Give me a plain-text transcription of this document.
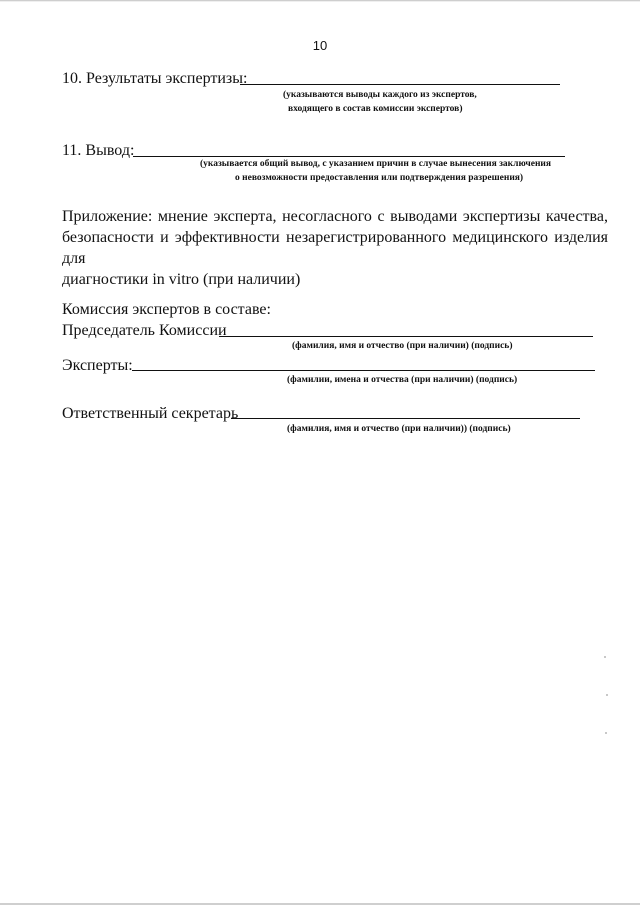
10
10. Результаты экспертизы:
(указываются выводы каждого из экспертов,
входящего в состав комиссии экспертов)
11. Вывод:
(указывается общий вывод, с указанием причин в случае вынесения заключения
о невозможности предоставления или подтверждения разрешения)
Приложение: мнение эксперта, несогласного с выводами экспертизы качества,
безопасности и эффективности незарегистрированного медицинского изделия для
диагностики in vitro (при наличии)
Комиссия экспертов в составе:
Председатель Комиссии
(фамилия, имя и отчество (при наличии) (подпись)
Эксперты:
(фамилии, имена и отчества (при наличии) (подпись)
Ответственный секретарь
(фамилия, имя и отчество (при наличии)) (подпись)
